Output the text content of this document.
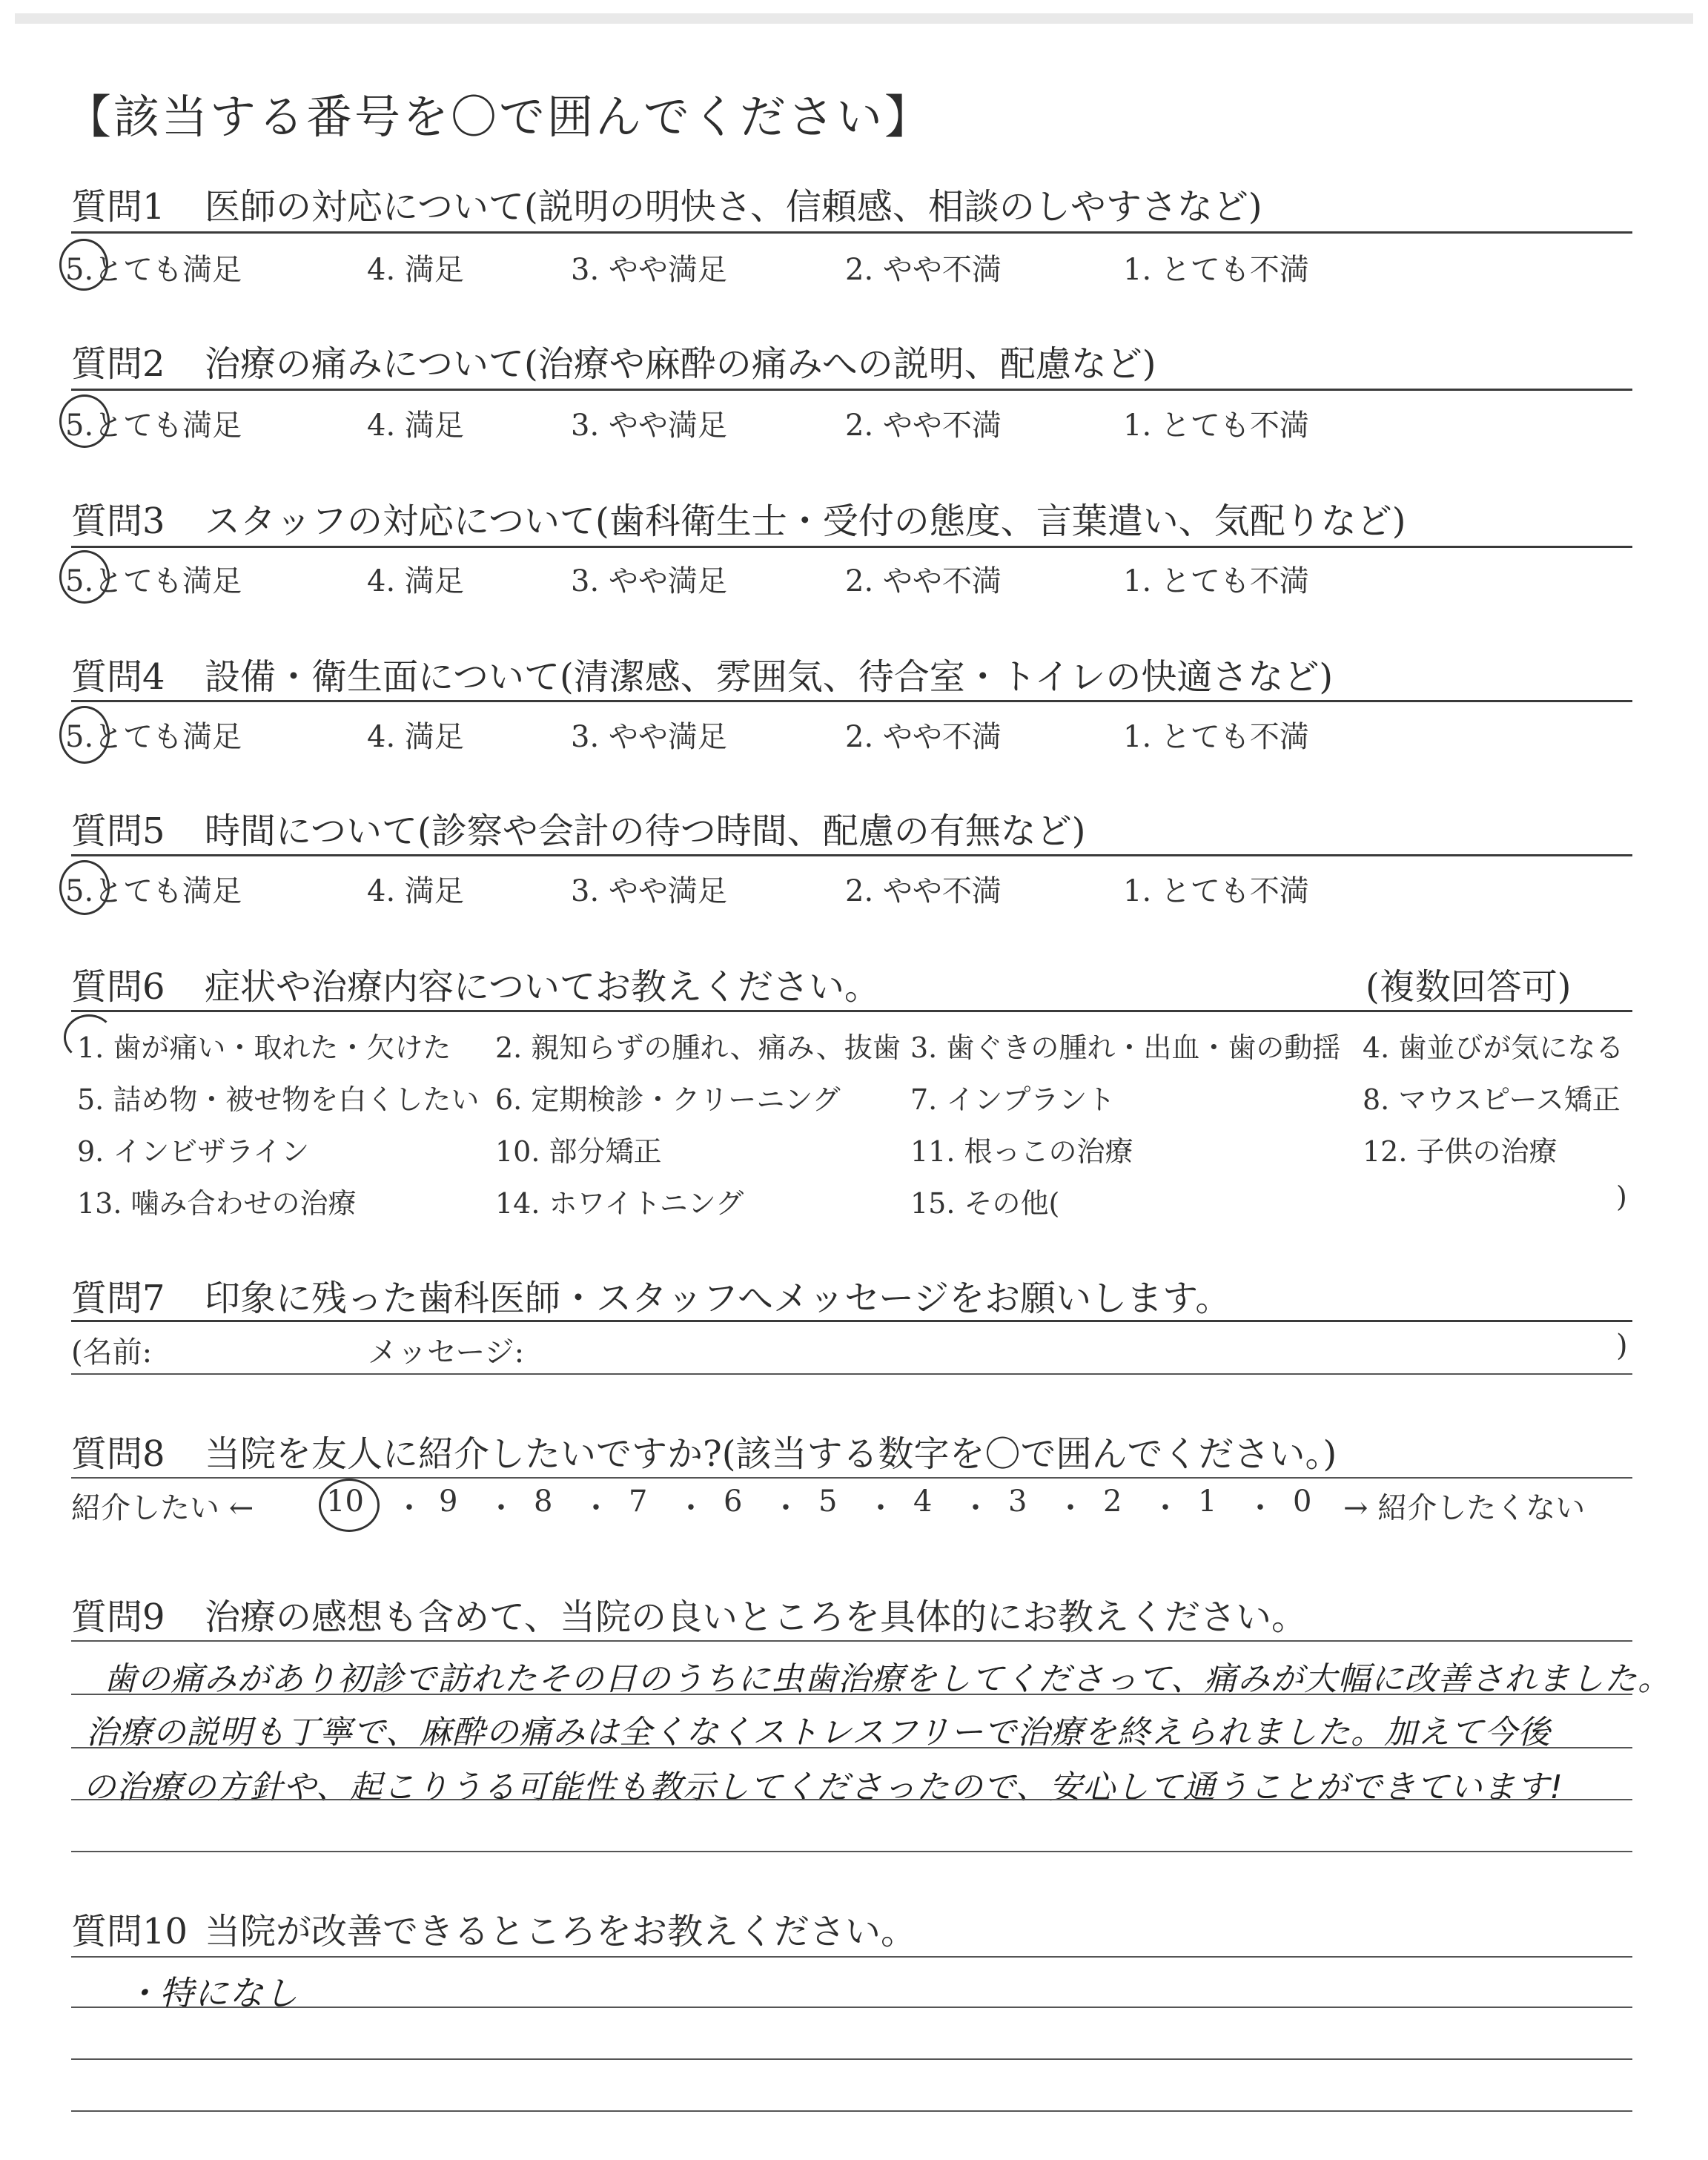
【該当する番号を〇で囲んでください】
質問1 医師の対応について(説明の明快さ、信頼感、相談のしやすさなど)
5.とても満足	4. 満足	3. やや満足	2. やや不満	1. とても不満
質問2 治療の痛みについて(治療や麻酔の痛みへの説明、配慮など)
5.とても満足	4. 満足	3. やや満足	2. やや不満	1. とても不満
質問3 スタッフの対応について(歯科衛生士・受付の態度、言葉遣い、気配りなど)
5.とても満足	4. 満足	3. やや満足	2. やや不満	1. とても不満
質問4 設備・衛生面について(清潔感、雰囲気、待合室・トイレの快適さなど)
5.とても満足	4. 満足	3. やや満足	2. やや不満	1. とても不満
質問5 時間について(診察や会計の待つ時間、配慮の有無など)
5.とても満足	4. 満足	3. やや満足	2. やや不満	1. とても不満
質問6 症状や治療内容についてお教えください。	(複数回答可)
1. 歯が痛い・取れた・欠けた 2. 親知らずの腫れ、痛み、抜歯 3. 歯ぐきの腫れ・出血・歯の動揺 4. 歯並びが気になる
5. 詰め物・被せ物を白くしたい 6. 定期検診・クリーニング 7. インプラント	8. マウスピース矯正
9. インビザライン	10. 部分矯正	11. 根っこの治療	12. 子供の治療
13. 噛み合わせの治療	14. ホワイトニング	15. その他(	)
質問7 印象に残った歯科医師・スタッフへメッセージをお願いします。
(名前:	メッセージ:	)
質問8 当院を友人に紹介したいですか?(該当する数字を〇で囲んでください。)
紹介したい ← 10 ・ 9 ・ 8 ・ 7 ・ 6 ・ 5 ・ 4 ・ 3 ・ 2 ・ 1 ・ 0 → 紹介したくない
質問9 治療の感想も含めて、当院の良いところを具体的にお教えください。
歯の痛みがあり初診で訪れたその日のうちに虫歯治療をしてくださって、痛みが大幅に改善されました。
治療の説明も丁寧で、麻酔の痛みは全くなくストレスフリーで治療を終えられました。加えて今後
の治療の方針や、起こりうる可能性も教示してくださったので、安心して通うことができています!
質問10 当院が改善できるところをお教えください。
・特になし
